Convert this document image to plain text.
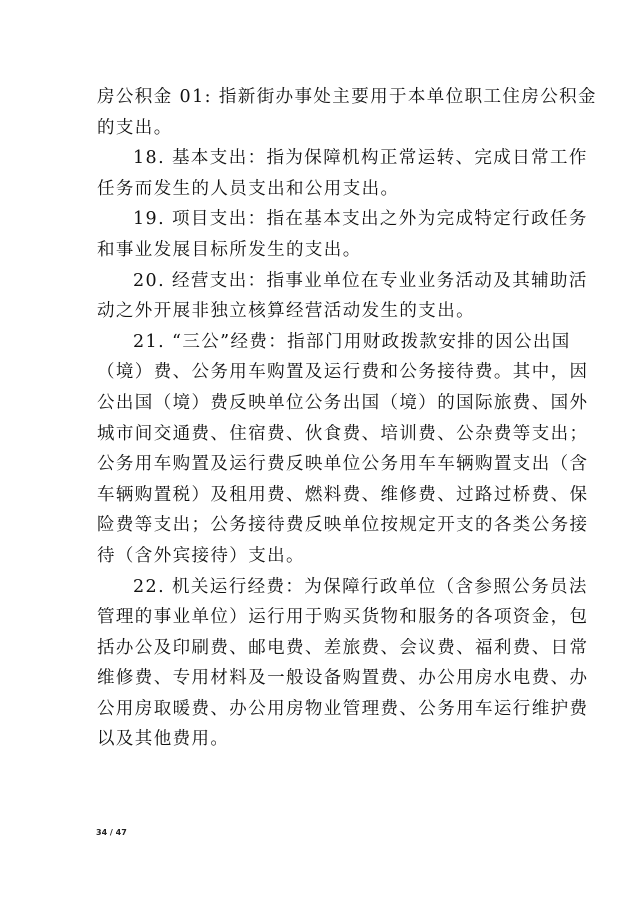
房公积金 01: 指新街办事处主要用于本单位职工住房公积金
的支出。

18. 基本支出：指为保障机构正常运转、完成日常工作
任务而发生的人员支出和公用支出。

19. 项目支出：指在基本支出之外为完成特定行政任务
和事业发展目标所发生的支出。

20. 经营支出：指事业单位在专业业务活动及其辅助活
动之外开展非独立核算经营活动发生的支出。

21. “三公”经费：指部门用财政拨款安排的因公出国
（境）费、公务用车购置及运行费和公务接待费。其中，因
公出国（境）费反映单位公务出国（境）的国际旅费、国外
城市间交通费、住宿费、伙食费、培训费、公杂费等支出；
公务用车购置及运行费反映单位公务用车车辆购置支出（含
车辆购置税）及租用费、燃料费、维修费、过路过桥费、保
险费等支出；公务接待费反映单位按规定开支的各类公务接
待（含外宾接待）支出。

22. 机关运行经费：为保障行政单位（含参照公务员法
管理的事业单位）运行用于购买货物和服务的各项资金，包
括办公及印刷费、邮电费、差旅费、会议费、福利费、日常
维修费、专用材料及一般设备购置费、办公用房水电费、办
公用房取暖费、办公用房物业管理费、公务用车运行维护费
以及其他费用。

34 / 47
